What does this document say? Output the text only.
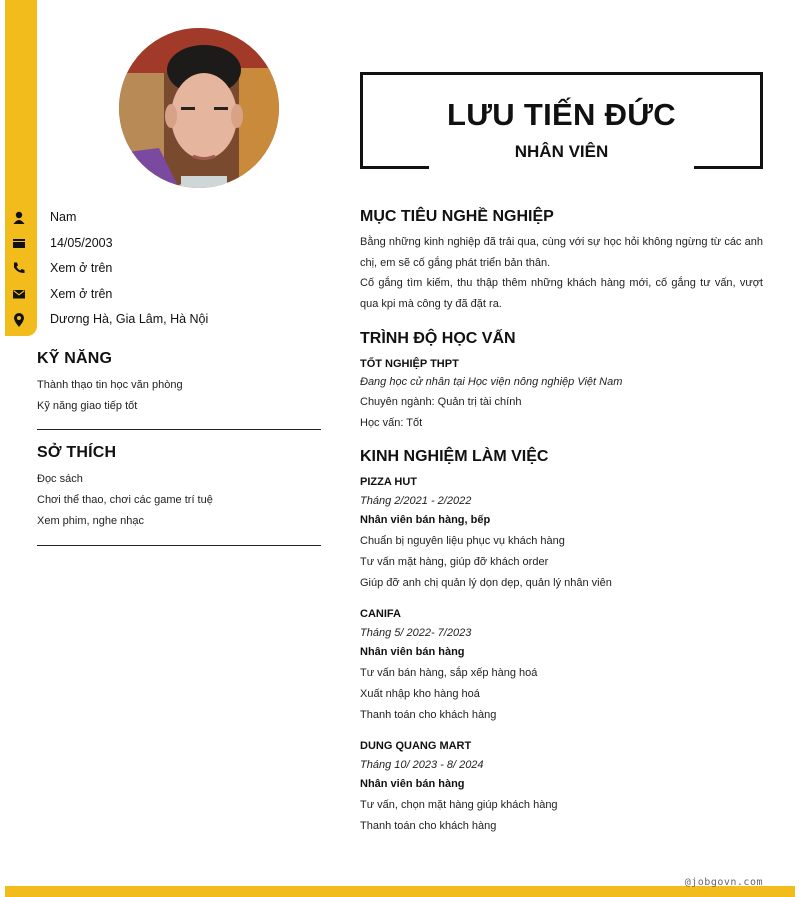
Nam
14/05/2003
Xem ở trên
Xem ở trên
Dương Hà, Gia Lâm, Hà Nội
KỸ NĂNG
Thành thạo tin học văn phòng
Kỹ năng giao tiếp tốt
SỞ THÍCH
Đọc sách
Chơi thể thao, chơi các game trí tuệ
Xem phim, nghe nhạc
LƯU TIẾN ĐỨC
NHÂN VIÊN
MỤC TIÊU NGHỀ NGHIỆP
Bằng những kinh nghiệp đã trải qua, cùng với sự học hỏi không ngừng từ các anh chị, em sẽ cố gắng phát triển bản thân.
Cố gắng tìm kiếm, thu thập thêm những khách hàng mới, cố gắng tư vấn, vượt qua kpi mà công ty đã đặt ra.
TRÌNH ĐỘ HỌC VẤN
TỐT NGHIỆP THPT
Đang học cử nhân tại Học viện nông nghiệp Việt Nam
Chuyên ngành: Quản trị tài chính
Học vấn: Tốt
KINH NGHIỆM LÀM VIỆC
PIZZA HUT
Tháng 2/2021 - 2/2022
Nhân viên bán hàng, bếp
Chuẩn bị nguyên liệu phục vụ khách hàng
Tư vấn mặt hàng, giúp đỡ khách order
Giúp đỡ anh chị quản lý dọn dẹp, quản lý nhân viên
CANIFA
Tháng 5/ 2022- 7/2023
Nhân viên bán hàng
Tư vấn bán hàng, sắp xếp hàng hoá
Xuất nhập kho hàng hoá
Thanh toán cho khách hàng
DUNG QUANG MART
Tháng 10/ 2023 - 8/ 2024
Nhân viên bán hàng
Tư vấn, chọn mặt hàng giúp khách hàng
Thanh toán cho khách hàng
@jobgovn.com
